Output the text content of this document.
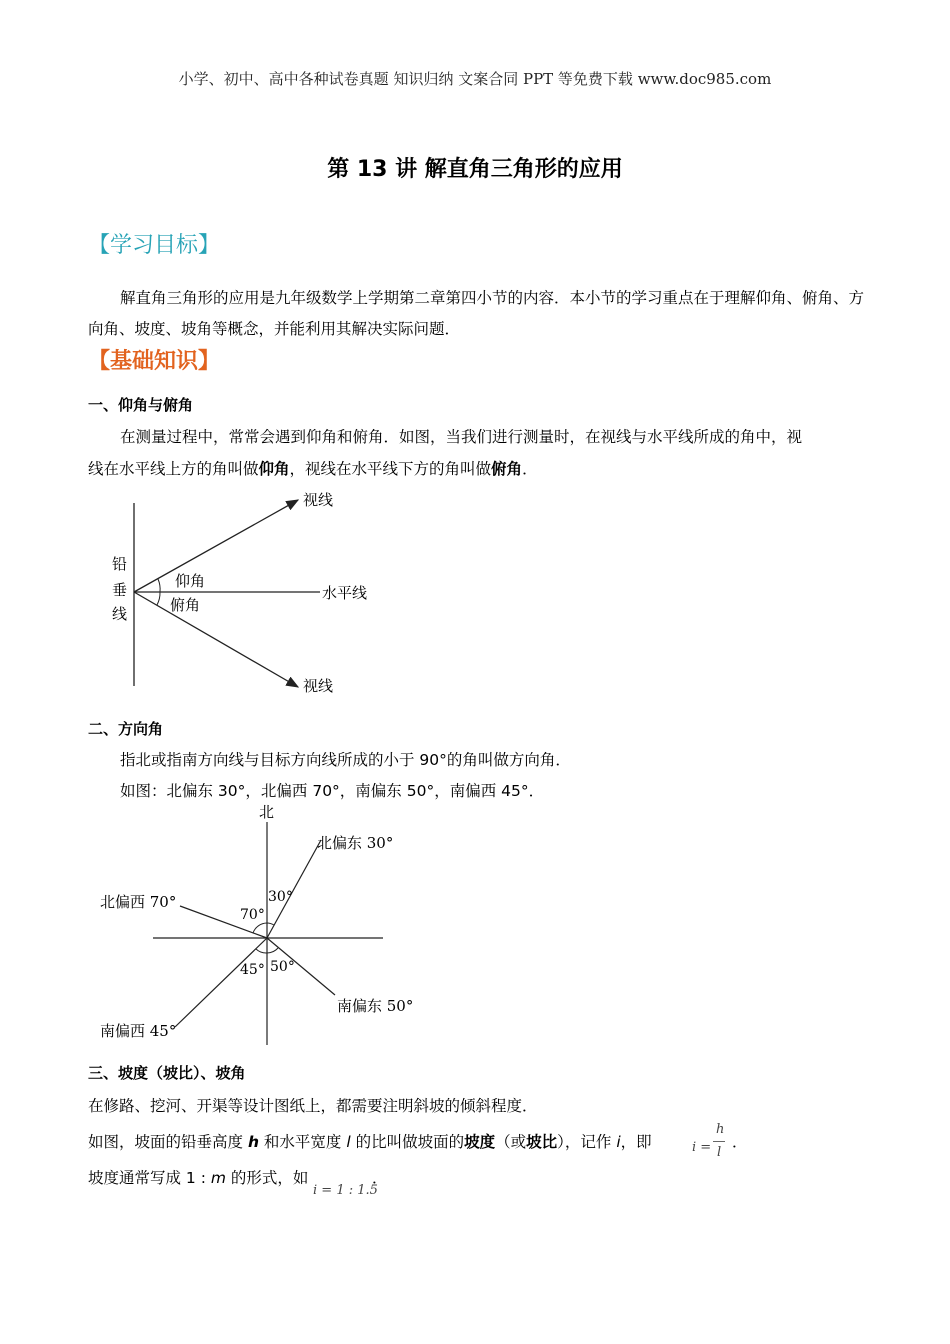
小学、初中、高中各种试卷真题 知识归纳 文案合同 PPT 等免费下载 www.doc985.com
第 13 讲 解直角三角形的应用
【学习目标】
解直角三角形的应用是九年级数学上学期第二章第四小节的内容．本小节的学习重点在于理解仰角、俯角、方向角、坡度、坡角等概念，并能利用其解决实际问题．
【基础知识】
一、仰角与俯角
在测量过程中，常常会遇到仰角和俯角．如图，当我们进行测量时，在视线与水平线所成的角中，视
线在水平线上方的角叫做仰角，视线在水平线下方的角叫做俯角．
铅
垂
线
仰角
俯角
水平线
视线
视线
二、方向角
指北或指南方向线与目标方向线所成的小于 90°的角叫做方向角．
如图：北偏东 30°，北偏西 70°，南偏东 50°，南偏西 45°．
北
北偏东 30°
北偏西 70°
南偏东 50°
南偏西 45°
30°
70°
45° 50°
三、坡度（坡比）、坡角
在修路、挖河、开渠等设计图纸上，都需要注明斜坡的倾斜程度．
如图，坡面的铅垂高度 h 和水平宽度 l 的比叫做坡面的坡度（或坡比），记作 i，即	i =
h
l
．
坡度通常写成 1 : m 的形式，如
i = 1 : 1.5
．
